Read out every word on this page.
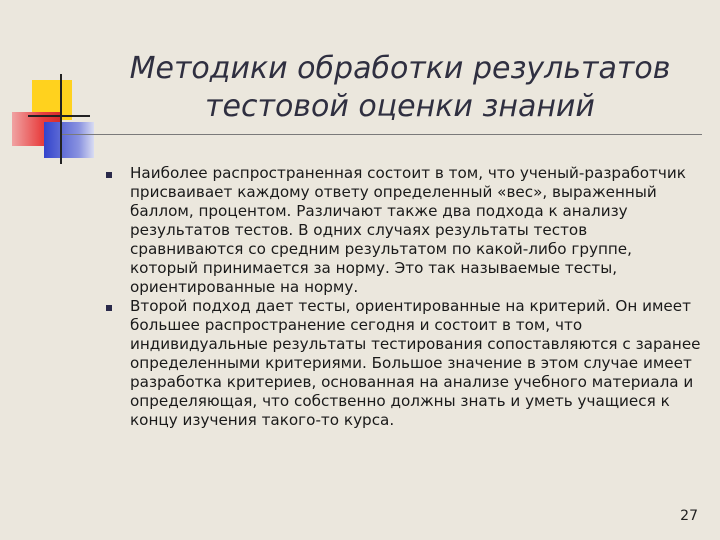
Методики обработки результатов
тестовой оценки знаний
Наиболее распространенная состоит в том, что ученый-разработчик присваивает каждому ответу определенный «вес», выраженный баллом, процентом. Различают также два подхода к анализу результатов тестов. В одних случаях результаты тестов сравниваются со средним результатом по какой-либо группе, который принимается за норму. Это так называемые тесты, ориентированные на норму.
Второй подход дает тесты, ориентированные на критерий. Он имеет большее распространение сегодня и состоит в том, что индивидуальные результаты тестирования сопоставляются с заранее определенными критериями. Большое значение в этом случае имеет разработка критериев, основанная на анализе учебного материала и определяющая, что собственно должны знать и уметь учащиеся к концу изучения такого-то курса.
27
